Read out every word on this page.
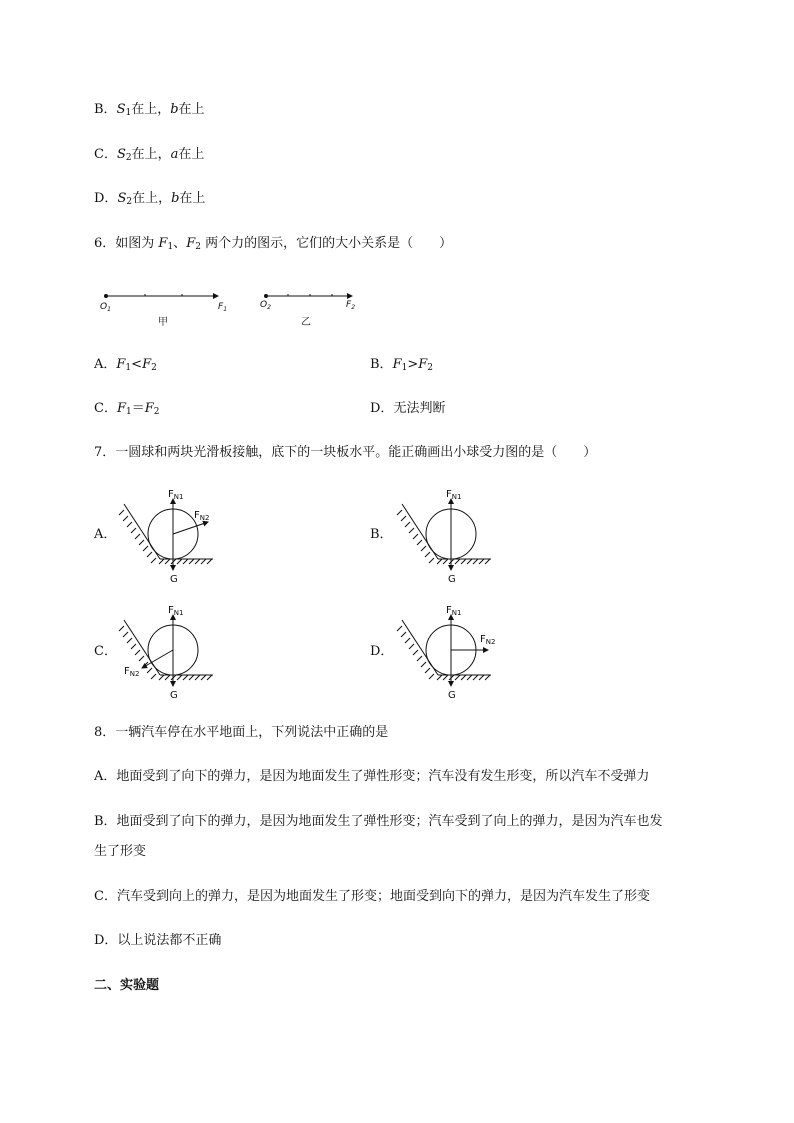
B．$S_1$在上，b在上
C．$S_2$在上，a在上
D．$S_2$在上，b在上
6．如图为 $F_1$、$F_2$ 两个力的图示，它们的大小关系是（　　）
$O_1$	$F_1$
甲
$O_2$	$F_2$
乙
A．$F_1<F_2$	B．$F_1>F_2$
C．$F_1=F_2$	D．无法判断
7．一圆球和两块光滑板接触，底下的一块板水平。能正确画出小球受力图的是（　　）
A．	B．
C．	D．
$F_{N1}$
$F_{N2}$
G
$F_{N1}$
G
$F_{N1}$
$F_{N2}$
G
$F_{N1}$
$F_{N2}$
G
8．一辆汽车停在水平地面上，下列说法中正确的是
A．地面受到了向下的弹力，是因为地面发生了弹性形变；汽车没有发生形变，所以汽车不受弹力
B．地面受到了向下的弹力，是因为地面发生了弹性形变；汽车受到了向上的弹力，是因为汽车也发
生了形变
C．汽车受到向上的弹力，是因为地面发生了形变；地面受到向下的弹力，是因为汽车发生了形变
D．以上说法都不正确
二、实验题
